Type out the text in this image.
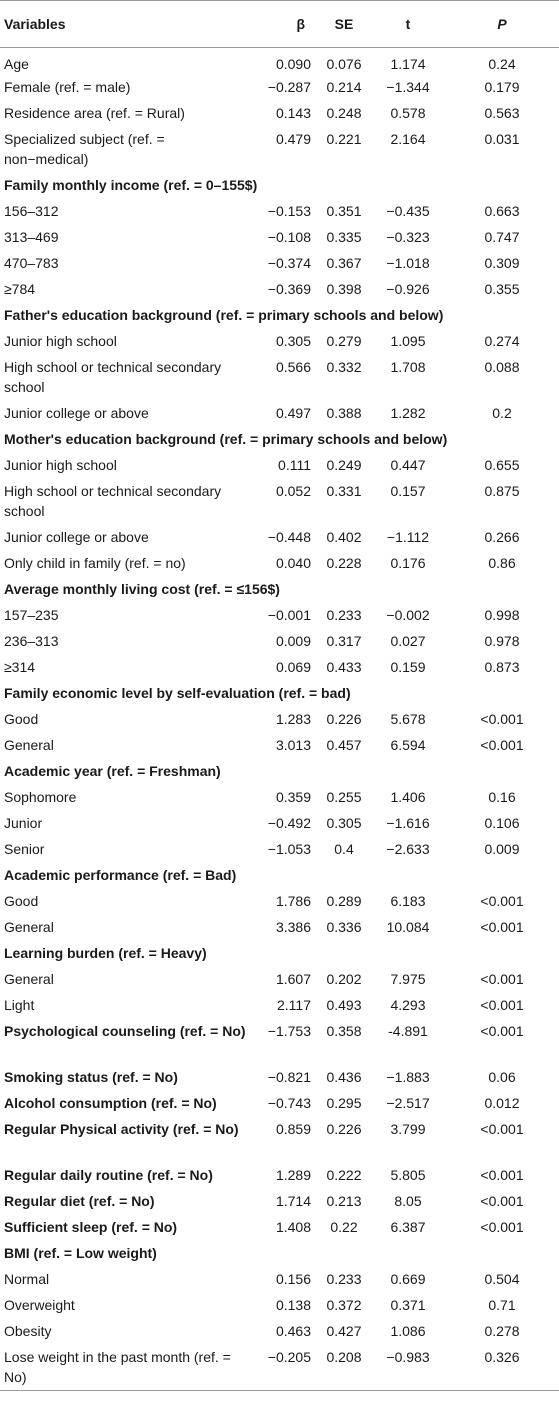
Variables	β	SE	t	P
Age	0.090	0.076	1.174	0.24
Female (ref. = male)	−0.287	0.214	−1.344	0.179
Residence area (ref. = Rural)	0.143	0.248	0.578	0.563
Specialized subject (ref. = non−medical)	0.479	0.221	2.164	0.031
Family monthly income (ref. = 0–155$)				
156–312	−0.153	0.351	−0.435	0.663
313–469	−0.108	0.335	−0.323	0.747
470–783	−0.374	0.367	−1.018	0.309
≥784	−0.369	0.398	−0.926	0.355
Father's education background (ref. = primary schools and below)				
Junior high school	0.305	0.279	1.095	0.274
High school or technical secondary school	0.566	0.332	1.708	0.088
Junior college or above	0.497	0.388	1.282	0.2
Mother's education background (ref. = primary schools and below)				
Junior high school	0.111	0.249	0.447	0.655
High school or technical secondary school	0.052	0.331	0.157	0.875
Junior college or above	−0.448	0.402	−1.112	0.266
Only child in family (ref. = no)	0.040	0.228	0.176	0.86
Average monthly living cost (ref. = ≤156$)				
157–235	−0.001	0.233	−0.002	0.998
236–313	0.009	0.317	0.027	0.978
≥314	0.069	0.433	0.159	0.873
Family economic level by self-evaluation (ref. = bad)				
Good	1.283	0.226	5.678	<0.001
General	3.013	0.457	6.594	<0.001
Academic year (ref. = Freshman)				
Sophomore	0.359	0.255	1.406	0.16
Junior	−0.492	0.305	−1.616	0.106
Senior	−1.053	0.4	−2.633	0.009
Academic performance (ref. = Bad)				
Good	1.786	0.289	6.183	<0.001
General	3.386	0.336	10.084	<0.001
Learning burden (ref. = Heavy)				
General	1.607	0.202	7.975	<0.001
Light	2.117	0.493	4.293	<0.001
Psychological counseling (ref. = No)	−1.753	0.358	-4.891	<0.001
Smoking status (ref. = No)	−0.821	0.436	−1.883	0.06
Alcohol consumption (ref. = No)	−0.743	0.295	−2.517	0.012
Regular Physical activity (ref. = No)	0.859	0.226	3.799	<0.001
Regular daily routine (ref. = No)	1.289	0.222	5.805	<0.001
Regular diet (ref. = No)	1.714	0.213	8.05	<0.001
Sufficient sleep (ref. = No)	1.408	0.22	6.387	<0.001
BMI (ref. = Low weight)				
Normal	0.156	0.233	0.669	0.504
Overweight	0.138	0.372	0.371	0.71
Obesity	0.463	0.427	1.086	0.278
Lose weight in the past month (ref. = No)	−0.205	0.208	−0.983	0.326
